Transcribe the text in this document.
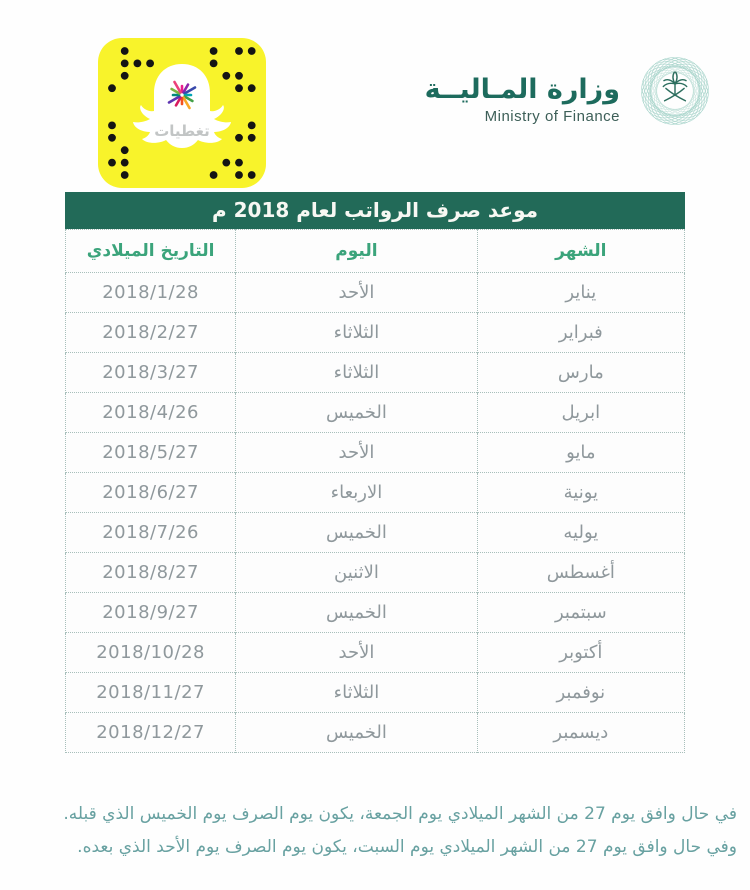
تغطيات
وزارة المـاليــة
Ministry of Finance
موعد صرف الرواتب لعام 2018 م
الشهر	اليوم	التاريخ الميلادي
يناير	الأحد	2018/1/28
فبراير	الثلاثاء	2018/2/27
مارس	الثلاثاء	2018/3/27
ابريل	الخميس	2018/4/26
مايو	الأحد	2018/5/27
يونية	الاربعاء	2018/6/27
يوليه	الخميس	2018/7/26
أغسطس	الاثنين	2018/8/27
سبتمبر	الخميس	2018/9/27
أكتوبر	الأحد	2018/10/28
نوفمبر	الثلاثاء	2018/11/27
ديسمبر	الخميس	2018/12/27
في حال وافق يوم 27 من الشهر الميلادي يوم الجمعة، يكون يوم الصرف يوم الخميس الذي قبله.
وفي حال وافق يوم 27 من الشهر الميلادي يوم السبت، يكون يوم الصرف يوم الأحد الذي بعده.
